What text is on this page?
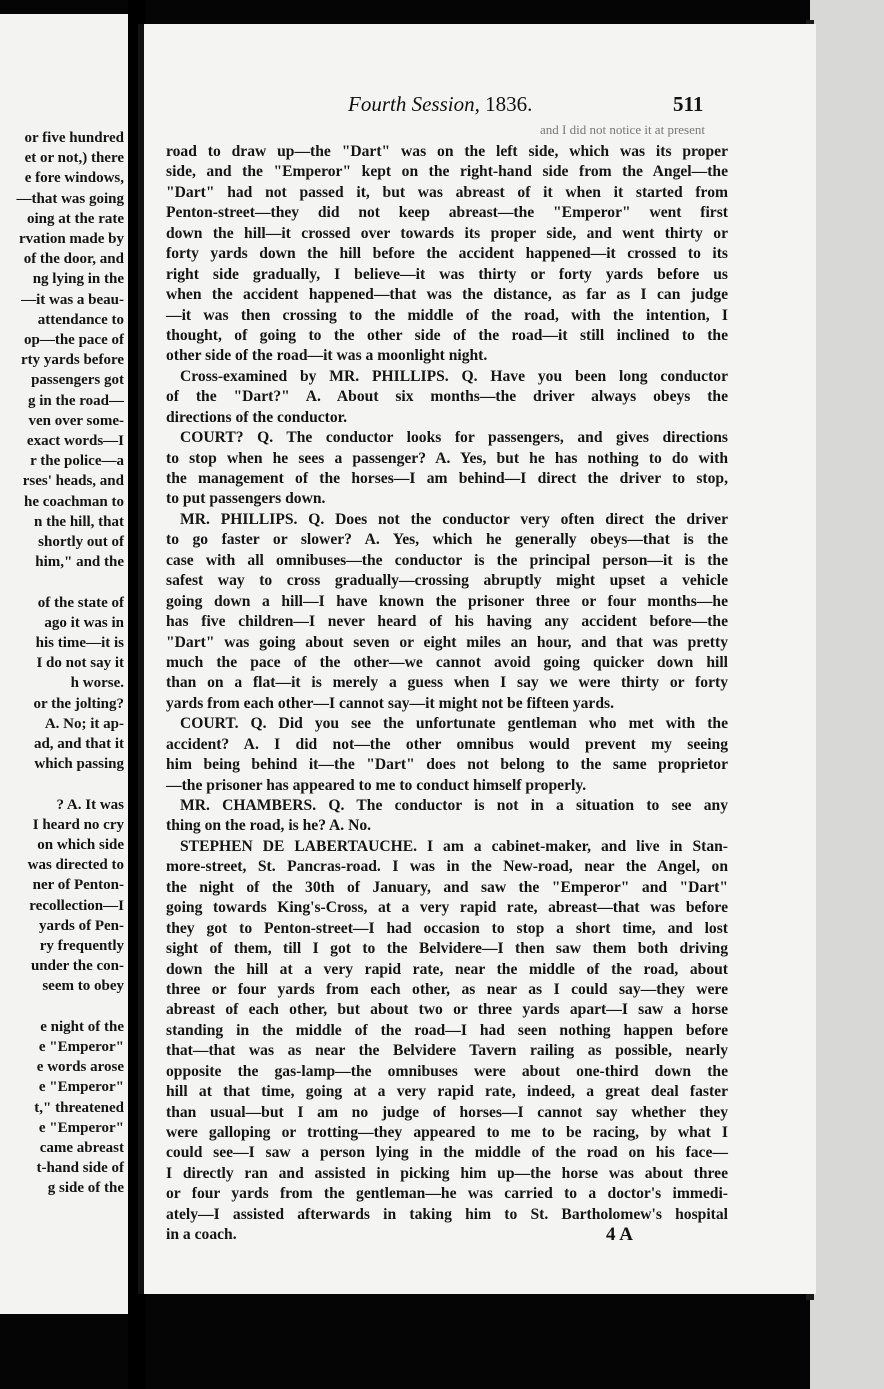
or five hundred
et or not,) there
e fore windows,
—that was going
oing at the rate
rvation made by
of the door, and
ng lying in the
—it was a beau-
attendance to
op—the pace of
rty yards before
passengers got
g in the road—
ven over some-
exact words—I
r the police—a
rses' heads, and
he coachman to
n the hill, that
shortly out of
him," and the
of the state of
ago it was in
his time—it is
I do not say it
h worse.
or the jolting?
A. No; it ap-
ad, and that it
which passing
? A. It was
I heard no cry
on which side
was directed to
ner of Penton-
recollection—I
yards of Pen-
ry frequently
under the con-
seem to obey
e night of the
e "Emperor"
e words arose
e "Emperor"
t," threatened
e "Emperor"
came abreast
t-hand side of
g side of the
Fourth Session, 1836.	511
and I did not notice it at present
road to draw up—the "Dart" was on the left side, which was its proper
side, and the "Emperor" kept on the right-hand side from the Angel—the
"Dart" had not passed it, but was abreast of it when it started from
Penton-street—they did not keep abreast—the "Emperor" went first
down the hill—it crossed over towards its proper side, and went thirty or
forty yards down the hill before the accident happened—it crossed to its
right side gradually, I believe—it was thirty or forty yards before us
when the accident happened—that was the distance, as far as I can judge
—it was then crossing to the middle of the road, with the intention, I
thought, of going to the other side of the road—it still inclined to the
other side of the road—it was a moonlight night.
Cross-examined by MR. PHILLIPS. Q. Have you been long conductor
of the "Dart?" A. About six months—the driver always obeys the
directions of the conductor.
COURT? Q. The conductor looks for passengers, and gives directions
to stop when he sees a passenger? A. Yes, but he has nothing to do with
the management of the horses—I am behind—I direct the driver to stop,
to put passengers down.
MR. PHILLIPS. Q. Does not the conductor very often direct the driver
to go faster or slower? A. Yes, which he generally obeys—that is the
case with all omnibuses—the conductor is the principal person—it is the
safest way to cross gradually—crossing abruptly might upset a vehicle
going down a hill—I have known the prisoner three or four months—he
has five children—I never heard of his having any accident before—the
"Dart" was going about seven or eight miles an hour, and that was pretty
much the pace of the other—we cannot avoid going quicker down hill
than on a flat—it is merely a guess when I say we were thirty or forty
yards from each other—I cannot say—it might not be fifteen yards.
COURT. Q. Did you see the unfortunate gentleman who met with the
accident? A. I did not—the other omnibus would prevent my seeing
him being behind it—the "Dart" does not belong to the same proprietor
—the prisoner has appeared to me to conduct himself properly.
MR. CHAMBERS. Q. The conductor is not in a situation to see any
thing on the road, is he? A. No.
STEPHEN DE LABERTAUCHE. I am a cabinet-maker, and live in Stan-
more-street, St. Pancras-road. I was in the New-road, near the Angel, on
the night of the 30th of January, and saw the "Emperor" and "Dart"
going towards King's-Cross, at a very rapid rate, abreast—that was before
they got to Penton-street—I had occasion to stop a short time, and lost
sight of them, till I got to the Belvidere—I then saw them both driving
down the hill at a very rapid rate, near the middle of the road, about
three or four yards from each other, as near as I could say—they were
abreast of each other, but about two or three yards apart—I saw a horse
standing in the middle of the road—I had seen nothing happen before
that—that was as near the Belvidere Tavern railing as possible, nearly
opposite the gas-lamp—the omnibuses were about one-third down the
hill at that time, going at a very rapid rate, indeed, a great deal faster
than usual—but I am no judge of horses—I cannot say whether they
were galloping or trotting—they appeared to me to be racing, by what I
could see—I saw a person lying in the middle of the road on his face—
I directly ran and assisted in picking him up—the horse was about three
or four yards from the gentleman—he was carried to a doctor's immedi-
ately—I assisted afterwards in taking him to St. Bartholomew's hospital
in a coach.	4 A
